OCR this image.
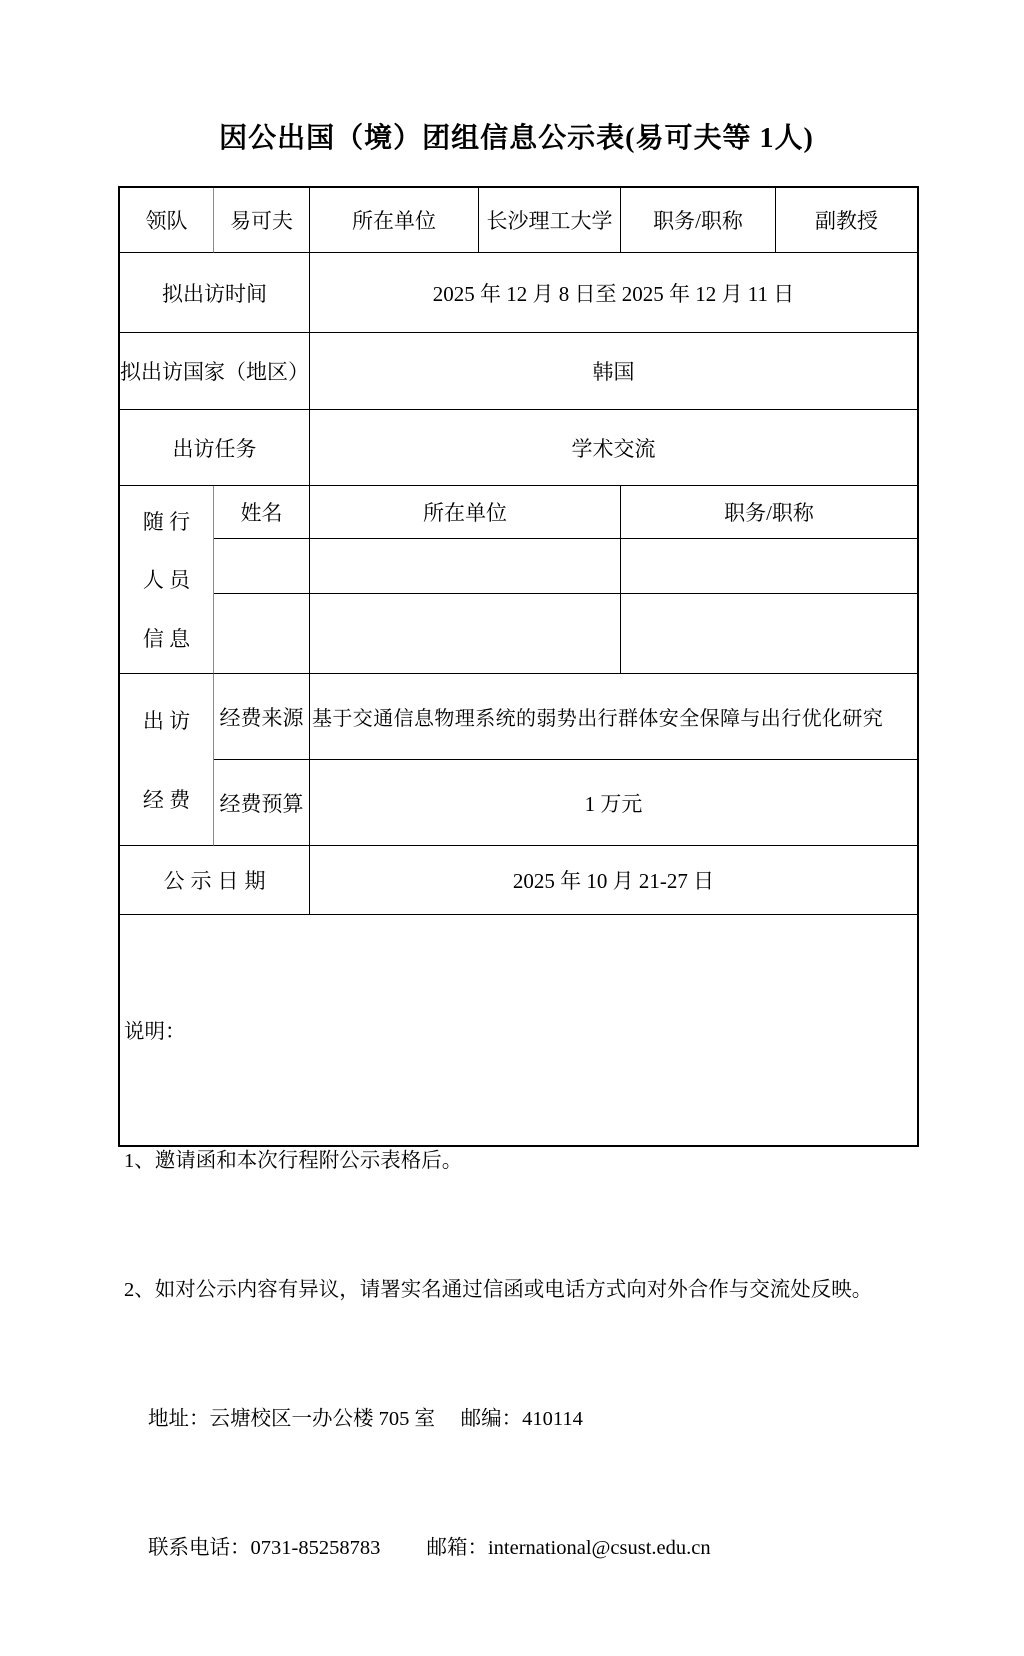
因公出国（境）团组信息公示表(易可夫等 1人)
领队	易可夫	所在单位	长沙理工大学	职务/职称	副教授
拟出访时间	2025 年 12 月 8 日至 2025 年 12 月 11 日
拟出访国家（地区）	韩国
出访任务	学术交流
随 行
人 员
信 息
姓名	所在单位	职务/职称
出 访
经 费
经费来源 基于交通信息物理系统的弱势出行群体安全保障与出行优化研究
经费预算	1 万元
公示日期	2025 年 10 月 21-27 日

说明：

1、邀请函和本次行程附公示表格后。

2、如对公示内容有异议，请署实名通过信函或电话方式向对外合作与交流处反映。

地址：云塘校区一办公楼 705 室　 邮编：410114

联系电话：0731-85258783　　 邮箱：international@csust.edu.cn
